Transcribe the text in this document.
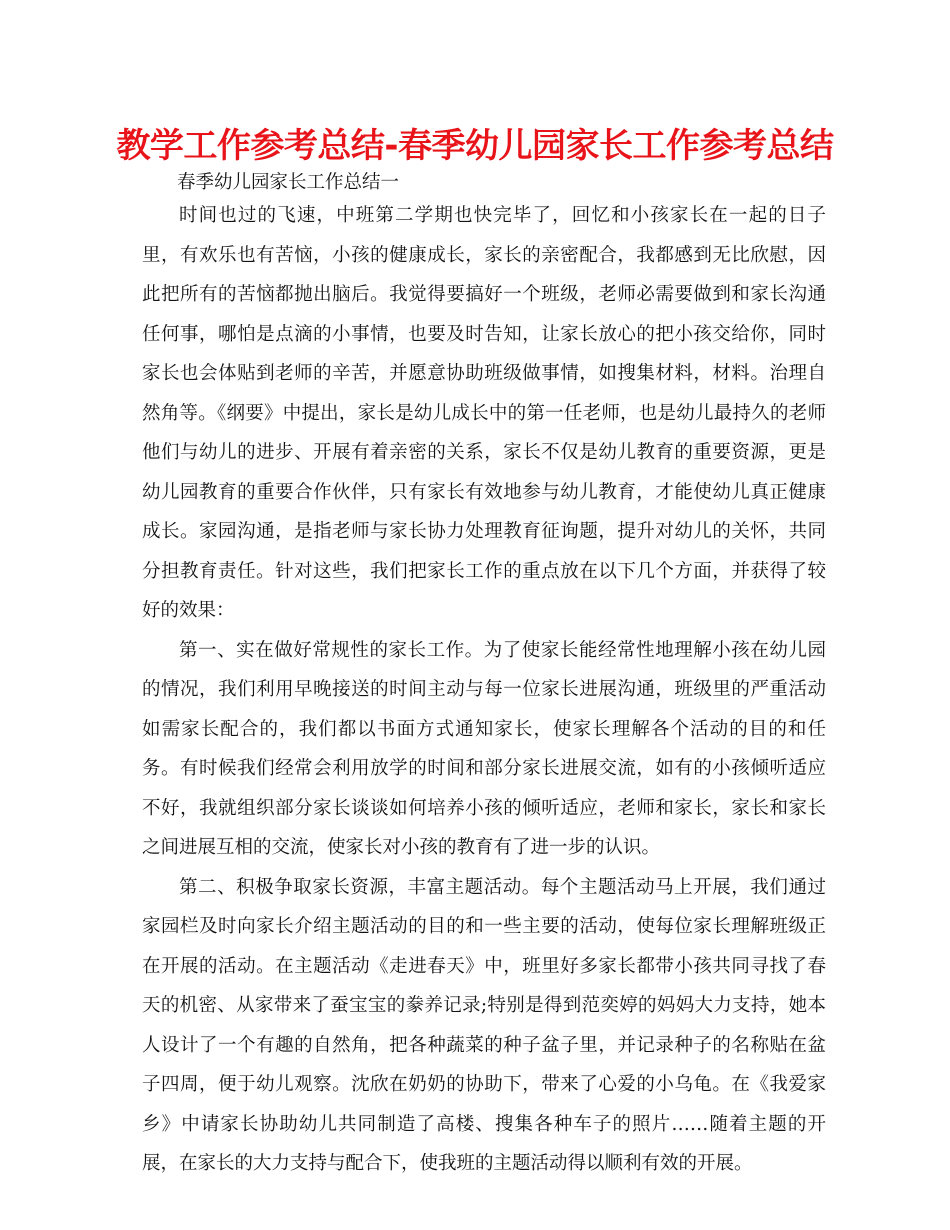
教学工作参考总结-春季幼儿园家长工作参考总结

春季幼儿园家长工作总结一

时间也过的飞速，中班第二学期也快完毕了，回忆和小孩家长在一起的日子里，有欢乐也有苦恼，小孩的健康成长，家长的亲密配合，我都感到无比欣慰，因此把所有的苦恼都抛出脑后。我觉得要搞好一个班级，老师必需要做到和家长沟通任何事，哪怕是点滴的小事情，也要及时告知，让家长放心的把小孩交给你，同时家长也会体贴到老师的辛苦，并愿意协助班级做事情，如搜集材料，材料。治理自然角等。《纲要》中提出，家长是幼儿成长中的第一任老师，也是幼儿最持久的老师他们与幼儿的进步、开展有着亲密的关系，家长不仅是幼儿教育的重要资源，更是幼儿园教育的重要合作伙伴，只有家长有效地参与幼儿教育，才能使幼儿真正健康成长。家园沟通，是指老师与家长协力处理教育征询题，提升对幼儿的关怀，共同分担教育责任。针对这些，我们把家长工作的重点放在以下几个方面，并获得了较好的效果：

第一、实在做好常规性的家长工作。为了使家长能经常性地理解小孩在幼儿园的情况，我们利用早晚接送的时间主动与每一位家长进展沟通，班级里的严重活动如需家长配合的，我们都以书面方式通知家长，使家长理解各个活动的目的和任务。有时候我们经常会利用放学的时间和部分家长进展交流，如有的小孩倾听适应不好，我就组织部分家长谈谈如何培养小孩的倾听适应，老师和家长，家长和家长之间进展互相的交流，使家长对小孩的教育有了进一步的认识。

第二、积极争取家长资源，丰富主题活动。每个主题活动马上开展，我们通过家园栏及时向家长介绍主题活动的目的和一些主要的活动，使每位家长理解班级正在开展的活动。在主题活动《走进春天》中，班里好多家长都带小孩共同寻找了春天的机密、从家带来了蚕宝宝的豢养记录;特别是得到范奕婷的妈妈大力支持，她本人设计了一个有趣的自然角，把各种蔬菜的种子盆子里，并记录种子的名称贴在盆子四周，便于幼儿观察。沈欣在奶奶的协助下，带来了心爱的小乌龟。在《我爱家乡》中请家长协助幼儿共同制造了高楼、搜集各种车子的照片……随着主题的开展，在家长的大力支持与配合下，使我班的主题活动得以顺利有效的开展。
